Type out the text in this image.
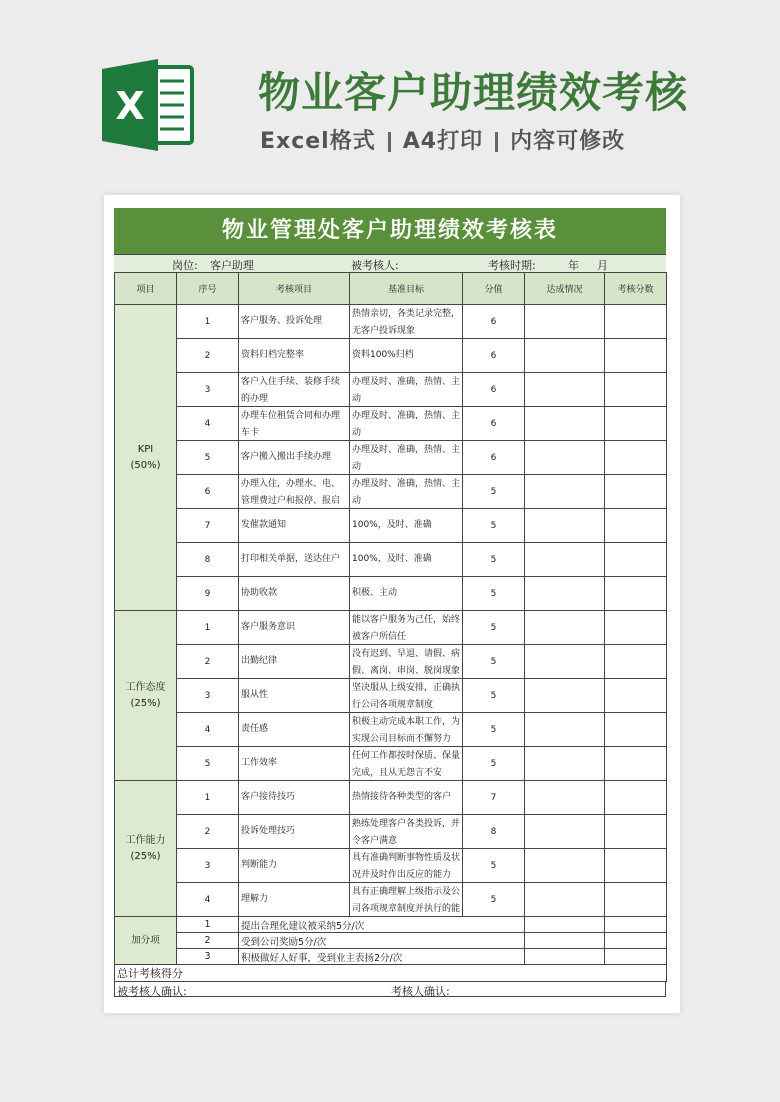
X	物业客户助理绩效考核
Excel格式 A4打印 内容可修改
物业管理处客户助理绩效考核表
岗位: 客户助理	被考核人:	考核时期:	年 月
项目	序号	考核项目	基准目标	分值	达成情况	考核分数

KPI
(50%)	1	客户服务、投诉处理	热情亲切，各类记录完整，无客户投诉现象	6		
	2	资料归档完整率	资料100%归档	6		
	3	客户入住手续、装修手续的办理	办理及时、准确，热情、主动	6		
	4	办理车位租赁合同和办理车卡	办理及时、准确，热情、主动	6		
	5	客户搬入搬出手续办理	办理及时、准确，热情、主动	6		
	6	办理入住，办理水、电、管理费过户和报停、报启	办理及时、准确，热情、主动	5		
	7	发催款通知	100%，及时、准确	5		
	8	打印相关单据，送达住户	100%，及时、准确	5		
	9	协助收款	积极、主动	5		

工作态度
(25%)	1	客户服务意识	能以客户服务为己任，始终被客户所信任	5		
	2	出勤纪律	没有迟到、早退、请假、病假、离岗、串岗、脱岗现象	5		
	3	服从性	坚决服从上级安排，正确执行公司各项规章制度	5		
	4	责任感	积极主动完成本职工作，为实现公司目标而不懈努力	5		
	5	工作效率	任何工作都按时保质、保量完成，且从无怨言不安	5		

工作能力
(25%)	1	客户接待技巧	热情接待各种类型的客户	7		
	2	投诉处理技巧	熟练处理客户各类投诉，并令客户满意	8		
	3	判断能力	具有准确判断事物性质及状况并及时作出反应的能力	5		
	4	理解力	具有正确理解上级指示及公司各项规章制度并执行的能	5		
加分项	1	提出合理化建议被采纳5分/次				
	2	受到公司奖励5分/次				
	3	积极做好人好事，受到业主表扬2分/次				
总计考核得分						
被考核人确认:	考核人确认:
